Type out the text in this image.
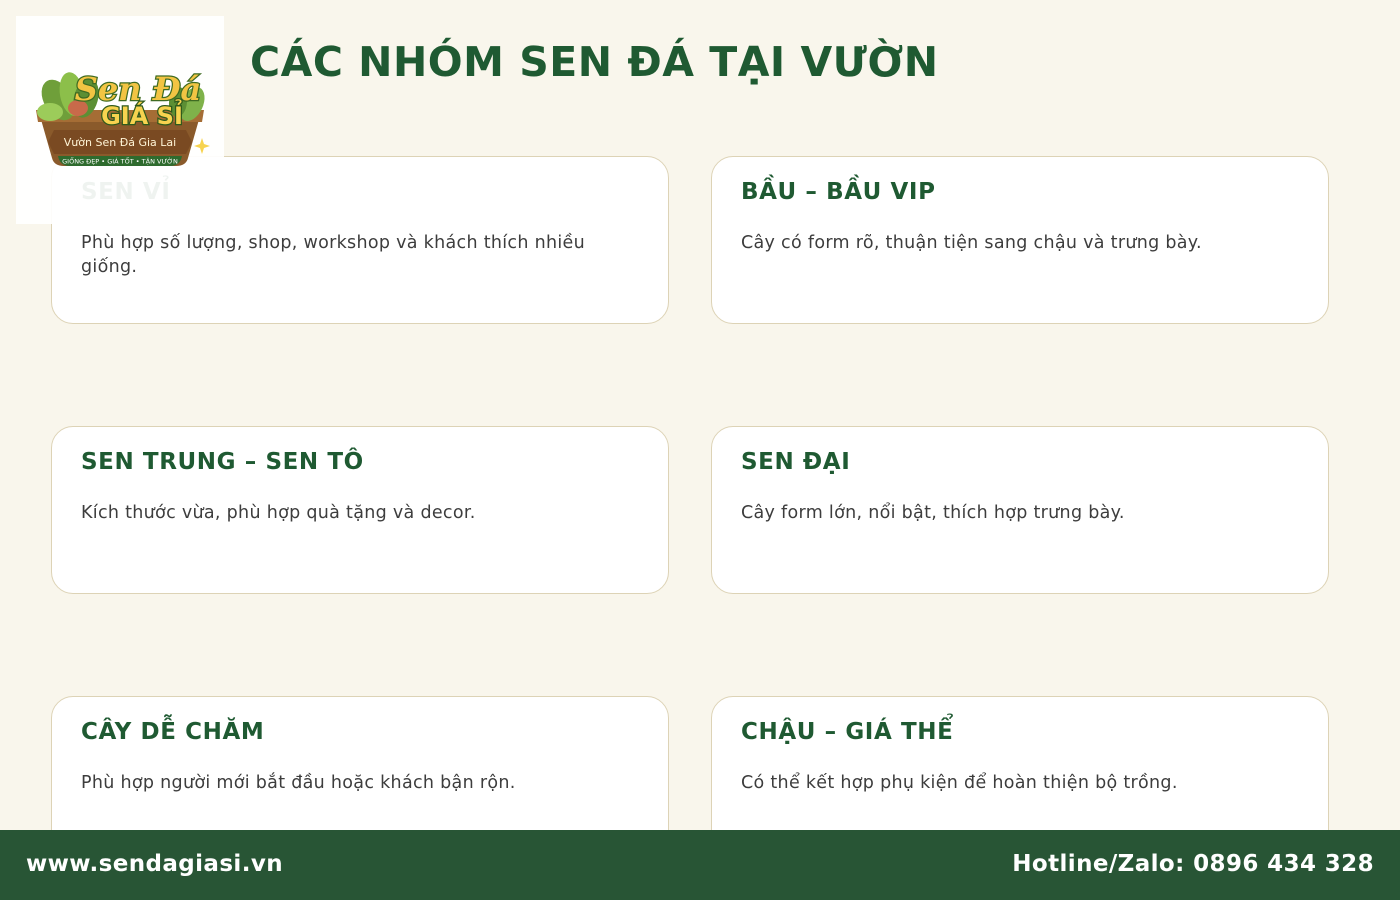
CÁC NHÓM SEN ĐÁ TẠI VƯỜN
Sen Đá
GIÁ SỈ
Vườn Sen Đá Gia Lai
GIỐNG ĐẸP • GIÁ TỐT • TẬN VƯỜN

Phù hợp số lượng, shop, workshop và khách thích nhiều giống.

BẦU – BẦU VIP

Cây có form rõ, thuận tiện sang chậu và trưng bày.

SEN TRUNG – SEN TÔ

Kích thước vừa, phù hợp quà tặng và decor.

SEN ĐẠI

Cây form lớn, nổi bật, thích hợp trưng bày.

CÂY DỄ CHĂM

Phù hợp người mới bắt đầu hoặc khách bận rộn.

CHẬU – GIÁ THỂ

Có thể kết hợp phụ kiện để hoàn thiện bộ trồng.

www.sendagiasi.vn	Hotline/Zalo: 0896 434 328
